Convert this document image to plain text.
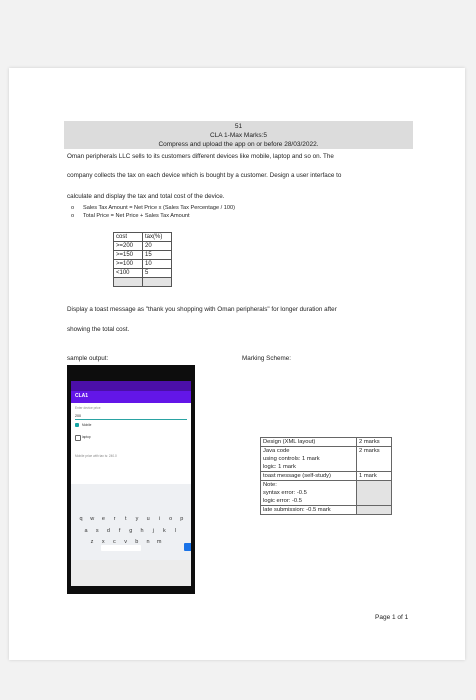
51
CLA 1-Max Marks:5
Compress and upload the app on or before 28/03/2022.
Oman peripherals LLC sells to its customers different devices like mobile, laptop and so on. The
company collects the tax on each device which is bought by a customer. Design a user interface to
calculate and display the tax and total cost of the device.
o Sales Tax Amount = Net Price x (Sales Tax Percentage / 100)
o Total Price = Net Price + Sales Tax Amount
cost	tax(%)
>=200	20
>=150	15
>=100	10
<100	5

Display a toast message as "thank you shopping with Oman peripherals" for longer duration after
showing the total cost.
sample output:	Marking Scheme:
CLA1
Enter device price
200
Mobile
laptop
Mobile price with tax is: 240.0
q	w	e	r	t	y	u	i	o	p
a	s	d	f	g	h	j	k	l
z	x	c	v	b	n	m
Design (XML layout)	2 marks

Java code
using controls: 1 mark
logic: 1 mark	2 marks
toast message (self-study)	1 mark

Note:
syntax error: -0.5
logic error: -0.5	

late submission: -0.5 mark	
Page 1 of 1
